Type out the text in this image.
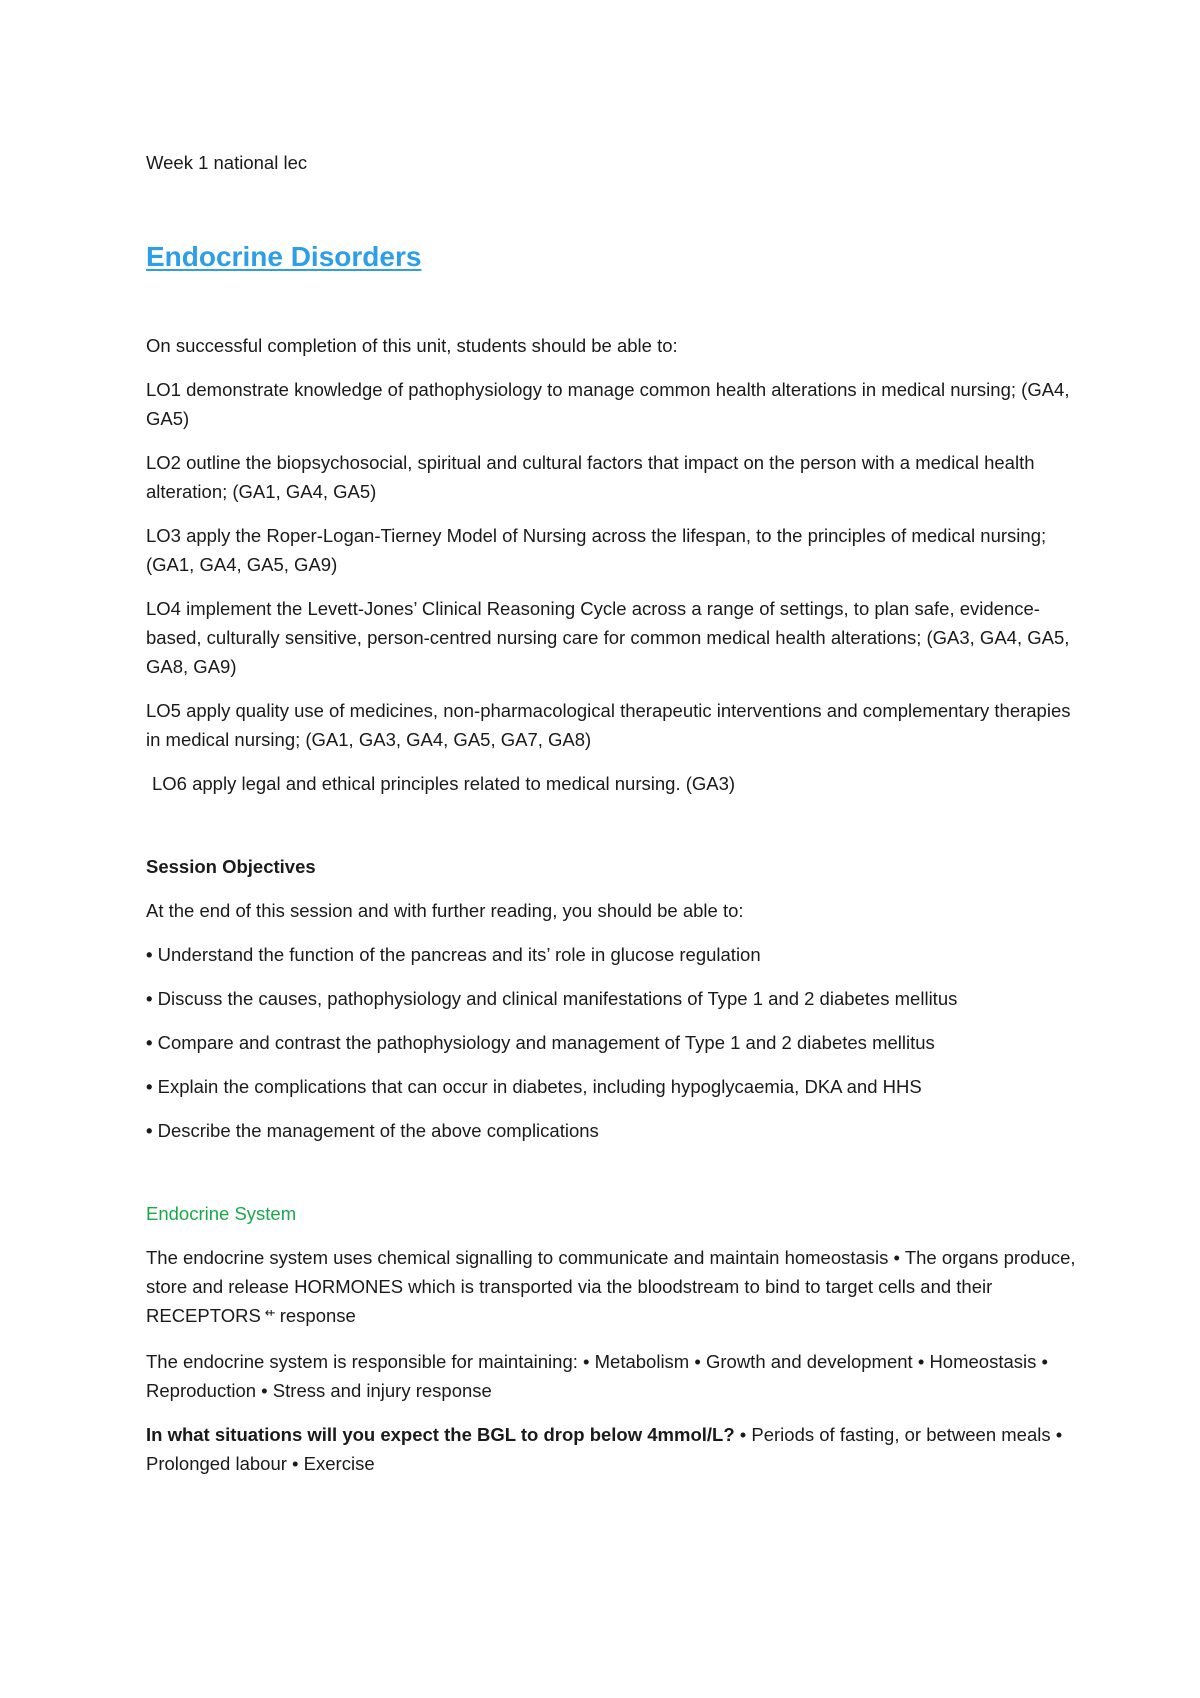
Week 1 national lec

Endocrine Disorders

On successful completion of this unit, students should be able to:

LO1 demonstrate knowledge of pathophysiology to manage common health alterations in medical nursing; (GA4, GA5)

LO2 outline the biopsychosocial, spiritual and cultural factors that impact on the person with a medical health alteration; (GA1, GA4, GA5)

LO3 apply the Roper-Logan-Tierney Model of Nursing across the lifespan, to the principles of medical nursing; (GA1, GA4, GA5, GA9)

LO4 implement the Levett-Jones’ Clinical Reasoning Cycle across a range of settings, to plan safe, evidence-based, culturally sensitive, person-centred nursing care for common medical health alterations; (GA3, GA4, GA5, GA8, GA9)

LO5 apply quality use of medicines, non-pharmacological therapeutic interventions and complementary therapies in medical nursing; (GA1, GA3, GA4, GA5, GA7, GA8)

LO6 apply legal and ethical principles related to medical nursing. (GA3)

Session Objectives

At the end of this session and with further reading, you should be able to:

• Understand the function of the pancreas and its’ role in glucose regulation

• Discuss the causes, pathophysiology and clinical manifestations of Type 1 and 2 diabetes mellitus

• Compare and contrast the pathophysiology and management of Type 1 and 2 diabetes mellitus

• Explain the complications that can occur in diabetes, including hypoglycaemia, DKA and HHS

• Describe the management of the above complications

Endocrine System

The endocrine system uses chemical signalling to communicate and maintain homeostasis • The organs produce, store and release HORMONES which is transported via the bloodstream to bind to target cells and their RECEPTORS ⇷ response

The endocrine system is responsible for maintaining: • Metabolism • Growth and development • Homeostasis • Reproduction • Stress and injury response

In what situations will you expect the BGL to drop below 4mmol/L? • Periods of fasting, or between meals • Prolonged labour • Exercise
